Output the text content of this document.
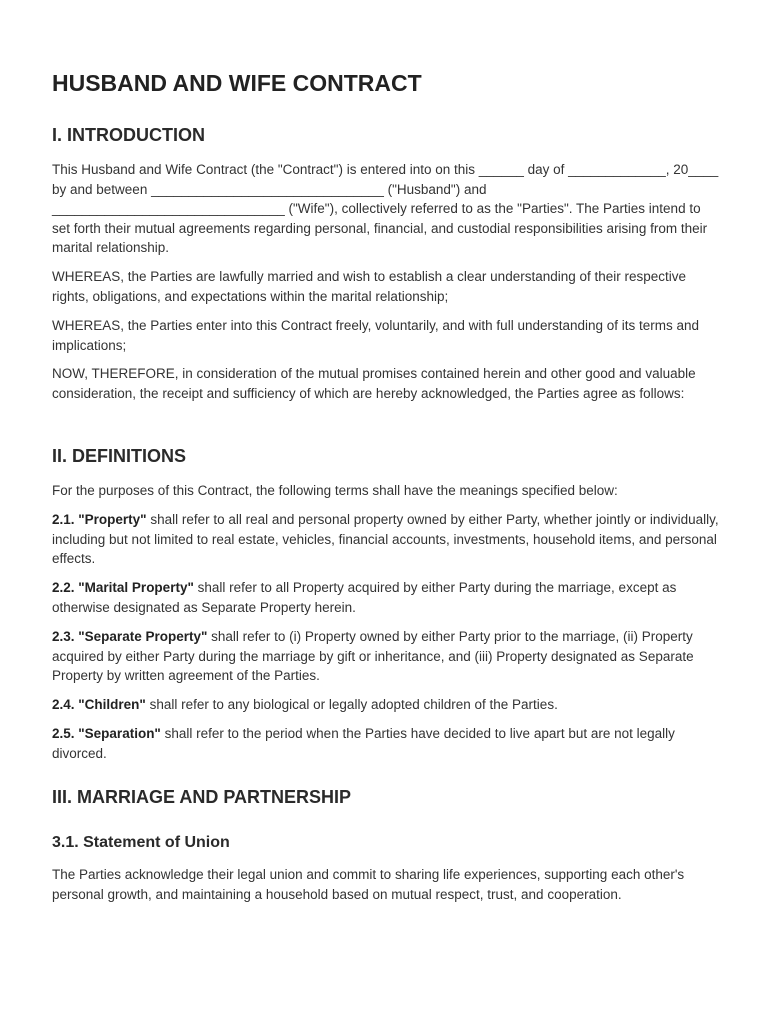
HUSBAND AND WIFE CONTRACT
I. INTRODUCTION

This Husband and Wife Contract (the "Contract") is entered into on this ______ day of _____________, 20____ by and between _______________________________ ("Husband") and _______________________________ ("Wife"), collectively referred to as the "Parties". The Parties intend to set forth their mutual agreements regarding personal, financial, and custodial responsibilities arising from their marital relationship.

WHEREAS, the Parties are lawfully married and wish to establish a clear understanding of their respective rights, obligations, and expectations within the marital relationship;

WHEREAS, the Parties enter into this Contract freely, voluntarily, and with full understanding of its terms and implications;

NOW, THEREFORE, in consideration of the mutual promises contained herein and other good and valuable consideration, the receipt and sufficiency of which are hereby acknowledged, the Parties agree as follows:

II. DEFINITIONS

For the purposes of this Contract, the following terms shall have the meanings specified below:

2.1. "Property" shall refer to all real and personal property owned by either Party, whether jointly or individually, including but not limited to real estate, vehicles, financial accounts, investments, household items, and personal effects.

2.2. "Marital Property" shall refer to all Property acquired by either Party during the marriage, except as otherwise designated as Separate Property herein.

2.3. "Separate Property" shall refer to (i) Property owned by either Party prior to the marriage, (ii) Property acquired by either Party during the marriage by gift or inheritance, and (iii) Property designated as Separate Property by written agreement of the Parties.

2.4. "Children" shall refer to any biological or legally adopted children of the Parties.

2.5. "Separation" shall refer to the period when the Parties have decided to live apart but are not legally divorced.

III. MARRIAGE AND PARTNERSHIP
3.1. Statement of Union

The Parties acknowledge their legal union and commit to sharing life experiences, supporting each other's personal growth, and maintaining a household based on mutual respect, trust, and cooperation.
